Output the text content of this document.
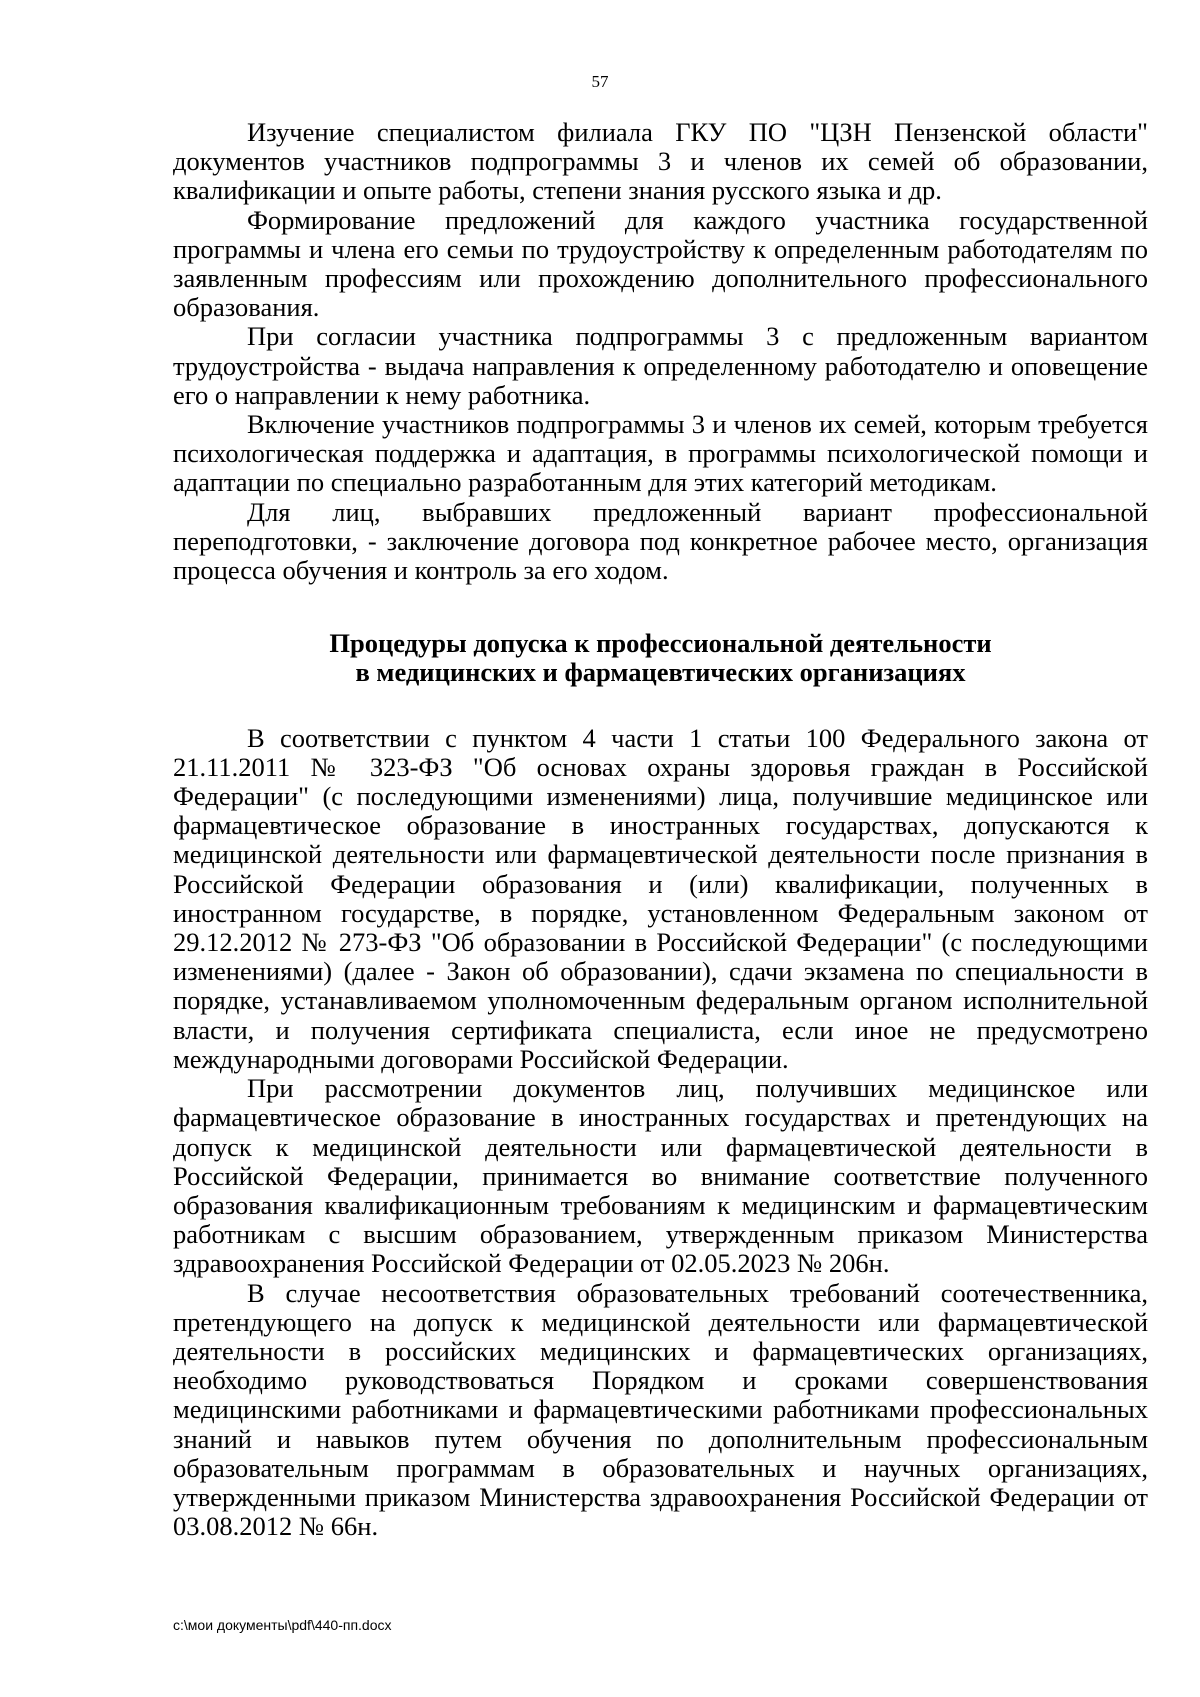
57

Изучение специалистом филиала ГКУ ПО "ЦЗН Пензенской области" документов участников подпрограммы 3 и членов их семей об образовании, квалификации и опыте работы, степени знания русского языка и др.

Формирование предложений для каждого участника государственной программы и члена его семьи по трудоустройству к определенным работодателям по заявленным профессиям или прохождению дополнительного профессионального образования.

При согласии участника подпрограммы 3 с предложенным вариантом трудоустройства - выдача направления к определенному работодателю и оповещение его о направлении к нему работника.

Включение участников подпрограммы 3 и членов их семей, которым требуется психологическая поддержка и адаптация, в программы психологической помощи и адаптации по специально разработанным для этих категорий методикам.

Для лиц, выбравших предложенный вариант профессиональной переподготовки, - заключение договора под конкретное рабочее место, организация процесса обучения и контроль за его ходом.

Процедуры допуска к профессиональной деятельности

в медицинских и фармацевтических организациях

В соответствии с пунктом 4 части 1 статьи 100 Федерального закона от 21.11.2011 № 323-ФЗ "Об основах охраны здоровья граждан в Российской Федерации" (с последующими изменениями) лица, получившие медицинское или фармацевтическое образование в иностранных государствах, допускаются к медицинской деятельности или фармацевтической деятельности после признания в Российской Федерации образования и (или) квалификации, полученных в иностранном государстве, в порядке, установленном Федеральным законом от 29.12.2012 № 273-ФЗ "Об образовании в Российской Федерации" (с последующими изменениями) (далее - Закон об образовании), сдачи экзамена по специальности в порядке, устанавливаемом уполномоченным федеральным органом исполнительной власти, и получения сертификата специалиста, если иное не предусмотрено международными договорами Российской Федерации.

При рассмотрении документов лиц, получивших медицинское или фармацевтическое образование в иностранных государствах и претендующих на допуск к медицинской деятельности или фармацевтической деятельности в Российской Федерации, принимается во внимание соответствие полученного образования квалификационным требованиям к медицинским и фармацевтическим работникам с высшим образованием, утвержденным приказом Министерства здравоохранения Российской Федерации от 02.05.2023 № 206н.

В случае несоответствия образовательных требований соотечественника, претендующего на допуск к медицинской деятельности или фармацевтической деятельности в российских медицинских и фармацевтических организациях, необходимо руководствоваться Порядком и сроками совершенствования медицинскими работниками и фармацевтическими работниками профессиональных знаний и навыков путем обучения по дополнительным профессиональным образовательным программам в образовательных и научных организациях, утвержденными приказом Министерства здравоохранения Российской Федерации от 03.08.2012 № 66н.

c:\мои документы\pdf\440-пп.docx
